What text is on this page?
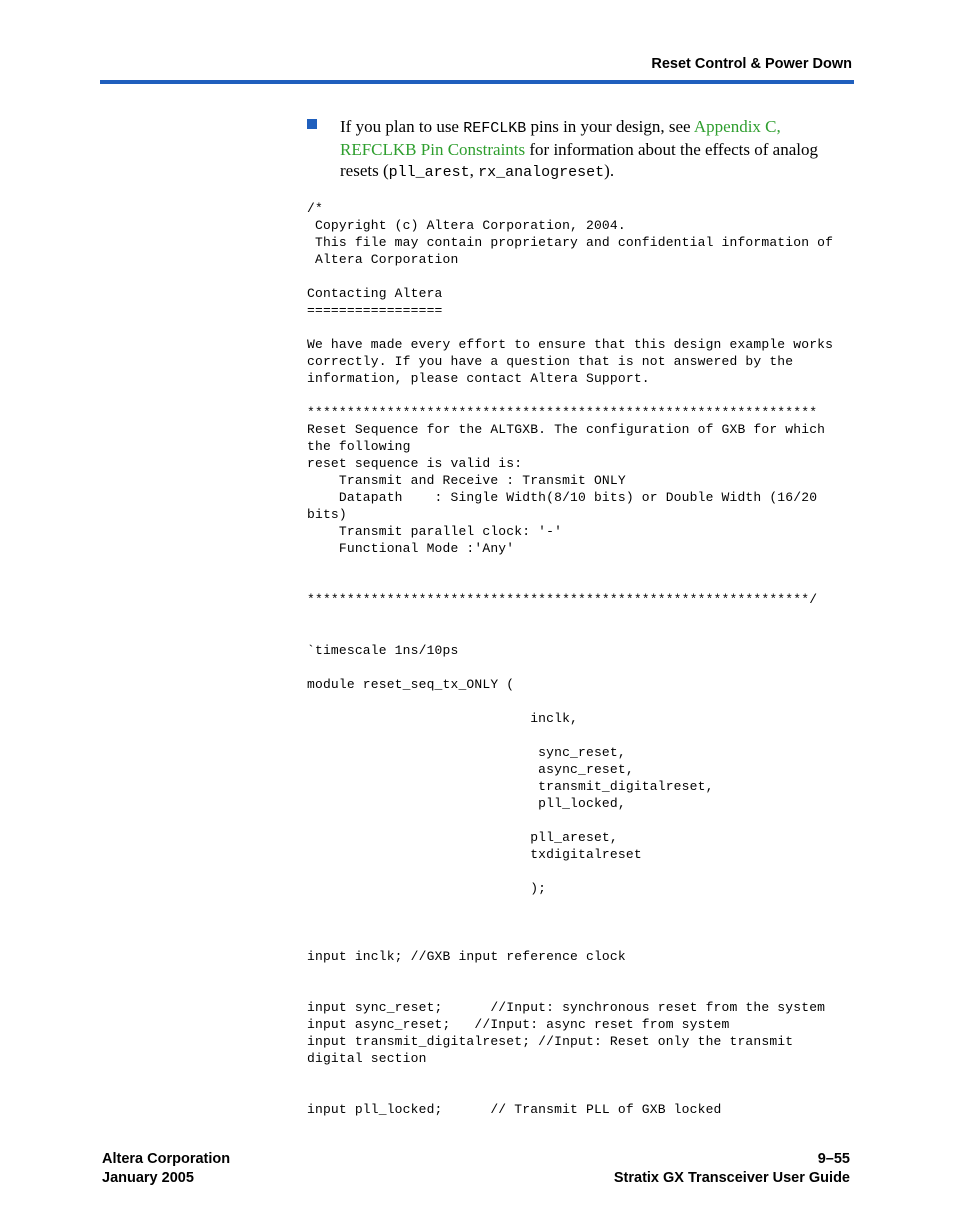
Reset Control & Power Down
If you plan to use REFCLKB pins in your design, see Appendix C, REFCLKB Pin Constraints for information about the effects of analog resets (pll_arest, rx_analogreset).
/*
Copyright (c) Altera Corporation, 2004.
This file may contain proprietary and confidential information of
Altera Corporation

Contacting Altera
=================

We have made every effort to ensure that this design example works
correctly. If you have a question that is not answered by the
information, please contact Altera Support.

****************************************************************
Reset Sequence for the ALTGXB. The configuration of GXB for which
the following
reset sequence is valid is:
Transmit and Receive : Transmit ONLY
Datapath    : Single Width(8/10 bits) or Double Width (16/20
bits)
Transmit parallel clock: '-'
Functional Mode :'Any'

***************************************************************/

`timescale 1ns/10ps

module reset_seq_tx_ONLY (

inclk,

sync_reset,
async_reset,
transmit_digitalreset,
pll_locked,

pll_areset,
txdigitalreset

);

input inclk; //GXB input reference clock

input sync_reset;      //Input: synchronous reset from the system
input async_reset;   //Input: async reset from system
input transmit_digitalreset; //Input: Reset only the transmit
digital section

input pll_locked;      // Transmit PLL of GXB locked
Altera Corporation
January 2005
9–55
Stratix GX Transceiver User Guide
